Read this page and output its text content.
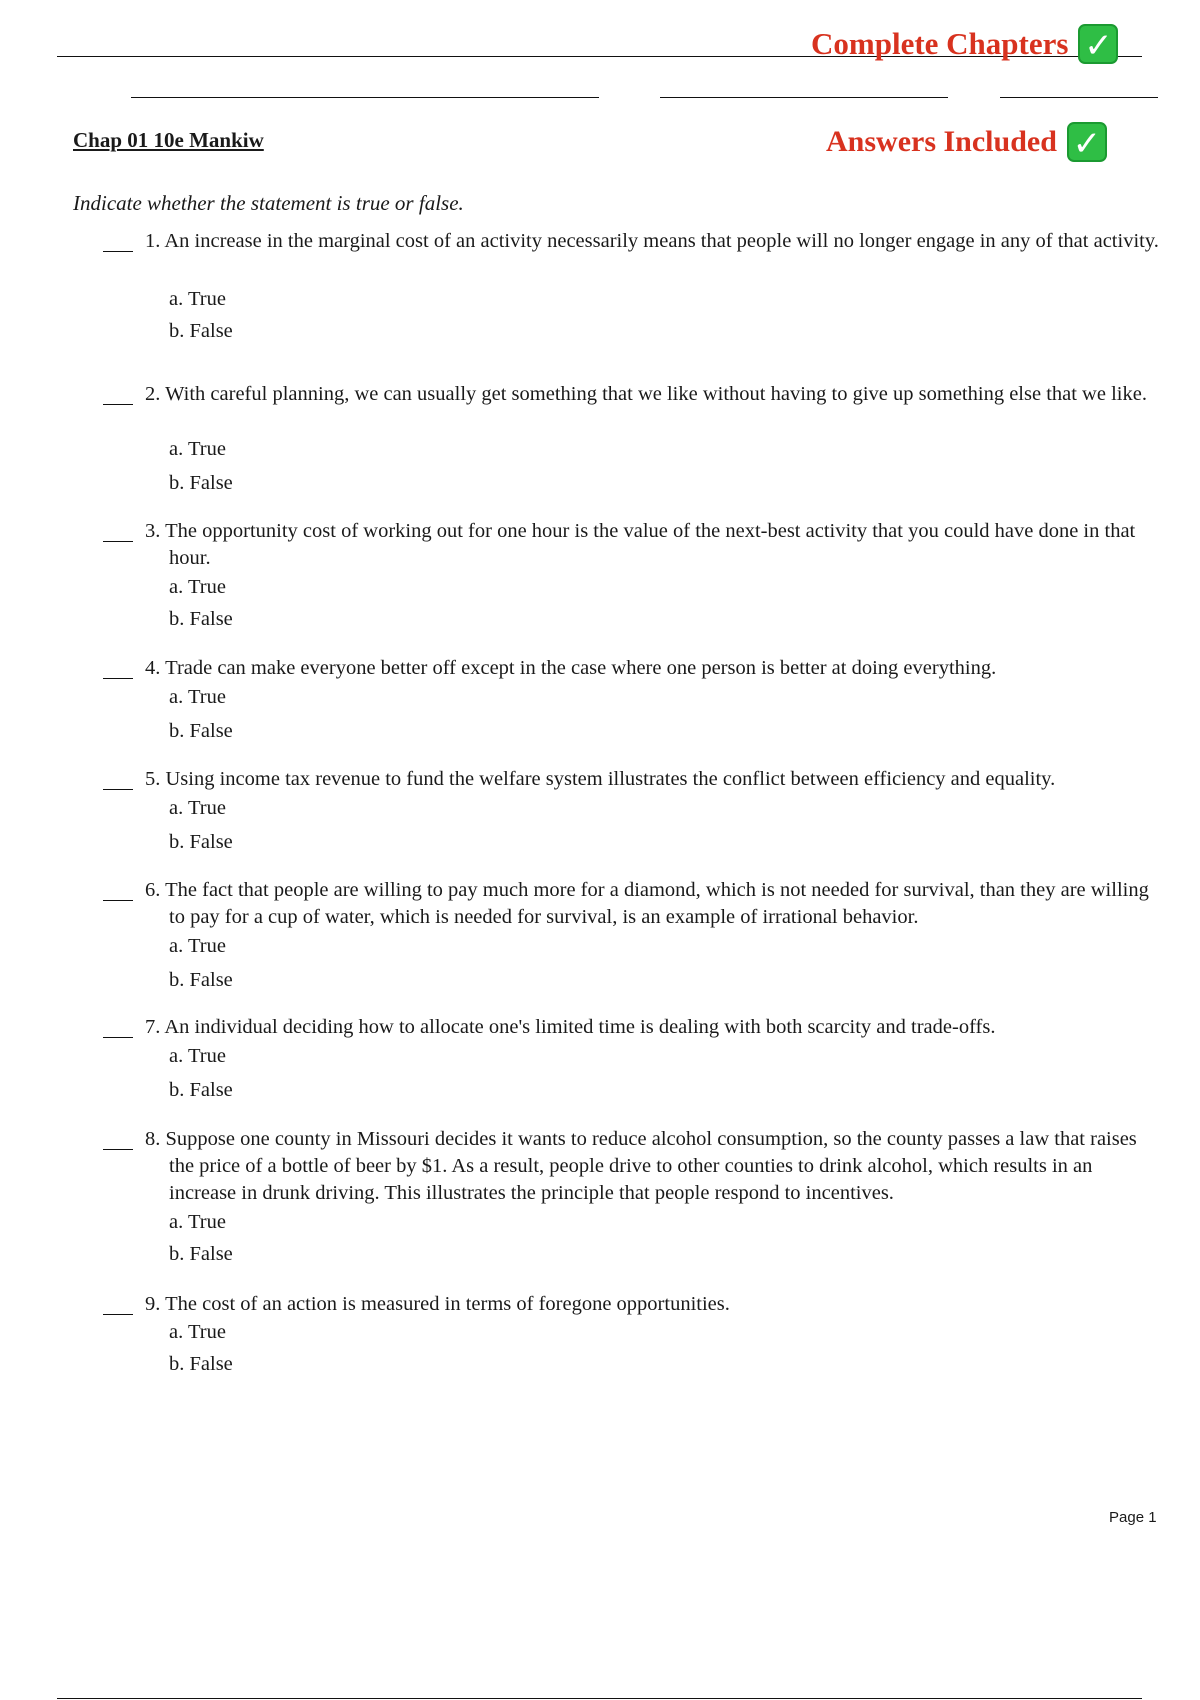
Complete Chapters ✓
Chap 01 10e Mankiw	Answers Included ✓
Indicate whether the statement is true or false.
1. An increase in the marginal cost of an activity necessarily means that people will no longer engage in any of that activity.
a. True
b. False
2. With careful planning, we can usually get something that we like without having to give up something else that we like.
a. True
b. False
3. The opportunity cost of working out for one hour is the value of the next-best activity that you could have done in that hour.
a. True
b. False
4. Trade can make everyone better off except in the case where one person is better at doing everything.
a. True
b. False
5. Using income tax revenue to fund the welfare system illustrates the conflict between efficiency and equality.
a. True
b. False
6. The fact that people are willing to pay much more for a diamond, which is not needed for survival, than they are willing to pay for a cup of water, which is needed for survival, is an example of irrational behavior.
a. True
b. False
7. An individual deciding how to allocate one's limited time is dealing with both scarcity and trade-offs.
a. True
b. False
8. Suppose one county in Missouri decides it wants to reduce alcohol consumption, so the county passes a law that raises the price of a bottle of beer by $1. As a result, people drive to other counties to drink alcohol, which results in an increase in drunk driving. This illustrates the principle that people respond to incentives.
a. True
b. False
9. The cost of an action is measured in terms of foregone opportunities.
a. True
b. False
Page 1
